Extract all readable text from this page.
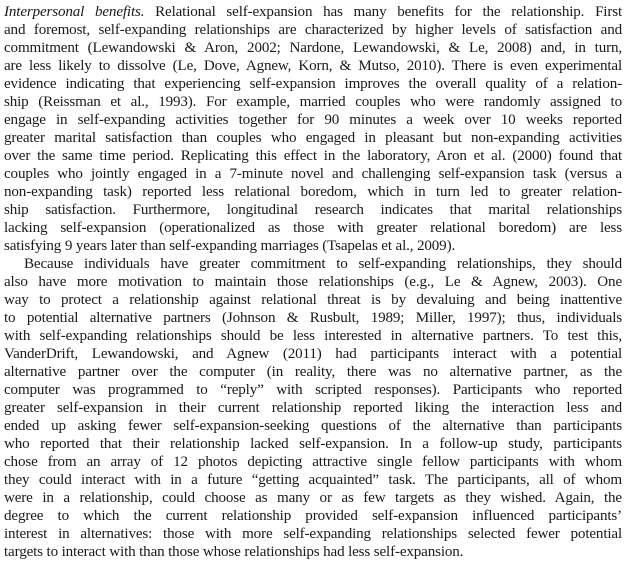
Interpersonal benefits. Relational self-expansion has many benefits for the relationship. First
and foremost, self-expanding relationships are characterized by higher levels of satisfaction and
commitment (Lewandowski & Aron, 2002; Nardone, Lewandowski, & Le, 2008) and, in turn,
are less likely to dissolve (Le, Dove, Agnew, Korn, & Mutso, 2010). There is even experimental
evidence indicating that experiencing self-expansion improves the overall quality of a relation-
ship (Reissman et al., 1993). For example, married couples who were randomly assigned to
engage in self-expanding activities together for 90 minutes a week over 10 weeks reported
greater marital satisfaction than couples who engaged in pleasant but non-expanding activities
over the same time period. Replicating this effect in the laboratory, Aron et al. (2000) found that
couples who jointly engaged in a 7-minute novel and challenging self-expansion task (versus a
non-expanding task) reported less relational boredom, which in turn led to greater relation-
ship satisfaction. Furthermore, longitudinal research indicates that marital relationships
lacking self-expansion (operationalized as those with greater relational boredom) are less
satisfying 9 years later than self-expanding marriages (Tsapelas et al., 2009).
Because individuals have greater commitment to self-expanding relationships, they should
also have more motivation to maintain those relationships (e.g., Le & Agnew, 2003). One
way to protect a relationship against relational threat is by devaluing and being inattentive
to potential alternative partners (Johnson & Rusbult, 1989; Miller, 1997); thus, individuals
with self-expanding relationships should be less interested in alternative partners. To test this,
VanderDrift, Lewandowski, and Agnew (2011) had participants interact with a potential
alternative partner over the computer (in reality, there was no alternative partner, as the
computer was programmed to “reply” with scripted responses). Participants who reported
greater self-expansion in their current relationship reported liking the interaction less and
ended up asking fewer self-expansion-seeking questions of the alternative than participants
who reported that their relationship lacked self-expansion. In a follow-up study, participants
chose from an array of 12 photos depicting attractive single fellow participants with whom
they could interact with in a future “getting acquainted” task. The participants, all of whom
were in a relationship, could choose as many or as few targets as they wished. Again, the
degree to which the current relationship provided self-expansion influenced participants’
interest in alternatives: those with more self-expanding relationships selected fewer potential
targets to interact with than those whose relationships had less self-expansion.
